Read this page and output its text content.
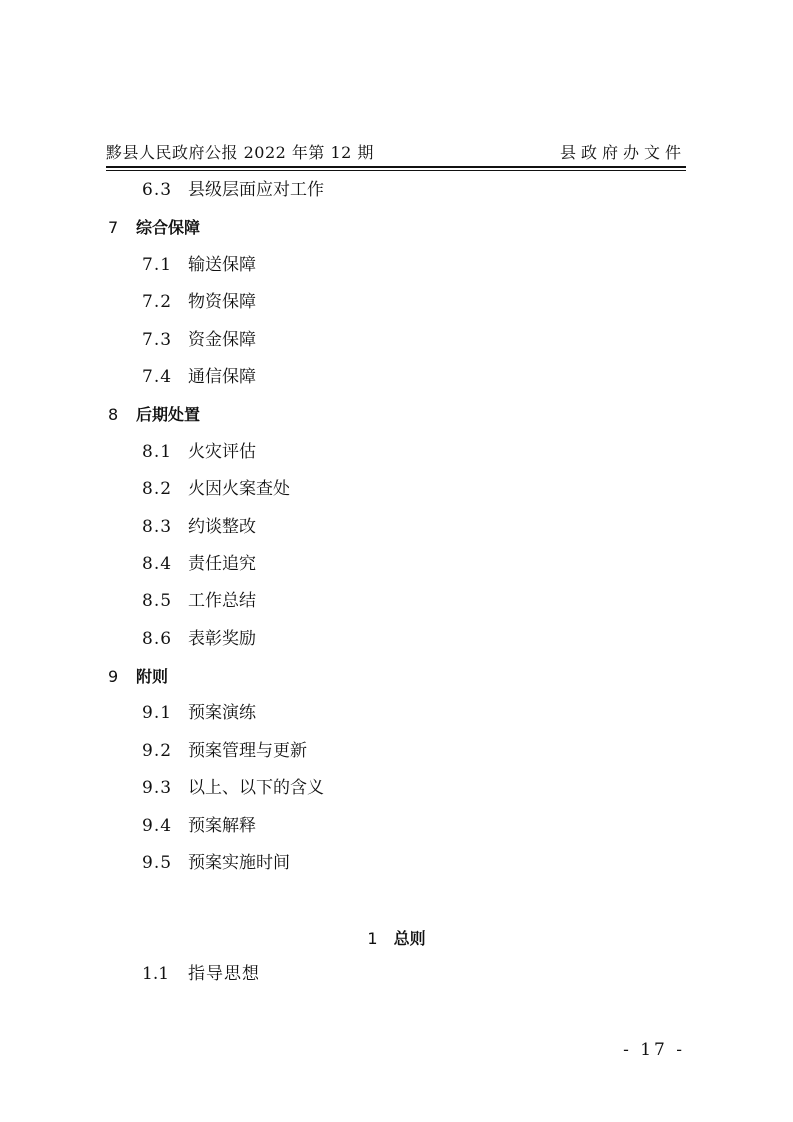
黟县人民政府公报 2022 年第 12 期	县政府办文件
6.3 县级层面应对工作
7 综合保障
7.1 输送保障
7.2 物资保障
7.3 资金保障
7.4 通信保障
8 后期处置
8.1 火灾评估
8.2 火因火案查处
8.3 约谈整改
8.4 责任追究
8.5 工作总结
8.6 表彰奖励
9 附则
9.1 预案演练
9.2 预案管理与更新
9.3 以上、以下的含义
9.4 预案解释
9.5 预案实施时间
1 总则
1.1 指导思想
- 17 -
